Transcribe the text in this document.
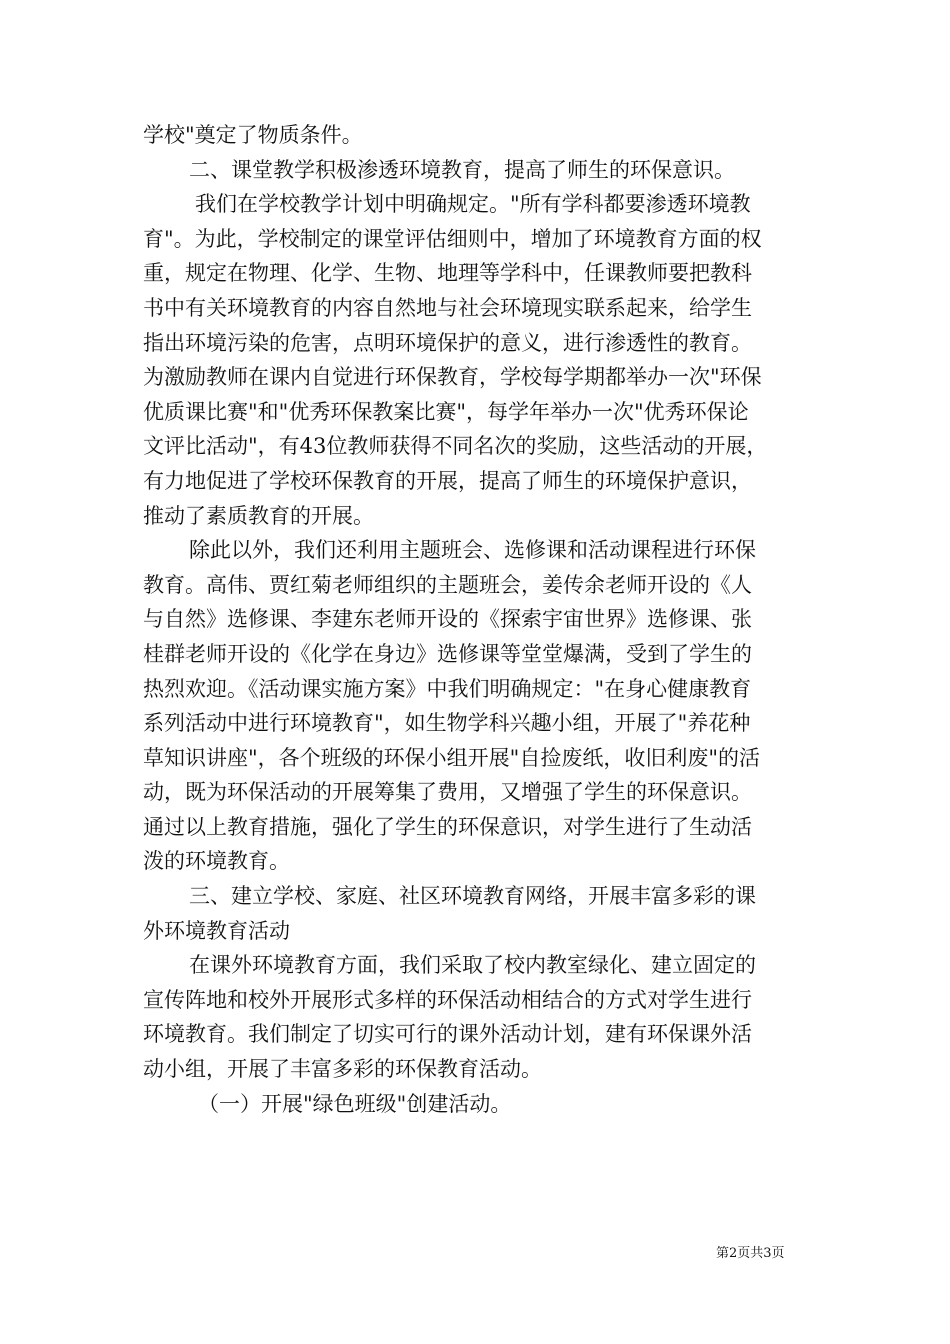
学校"奠定了物质条件。
二、课堂教学积极渗透环境教育，提高了师生的环保意识。
我们在学校教学计划中明确规定。"所有学科都要渗透环境教
育"。为此，学校制定的课堂评估细则中，增加了环境教育方面的权
重，规定在物理、化学、生物、地理等学科中，任课教师要把教科
书中有关环境教育的内容自然地与社会环境现实联系起来，给学生
指出环境污染的危害，点明环境保护的意义，进行渗透性的教育。
为激励教师在课内自觉进行环保教育，学校每学期都举办一次"环保
优质课比赛"和"优秀环保教案比赛"，每学年举办一次"优秀环保论
文评比活动"，有43位教师获得不同名次的奖励，这些活动的开展，
有力地促进了学校环保教育的开展，提高了师生的环境保护意识，
推动了素质教育的开展。
除此以外，我们还利用主题班会、选修课和活动课程进行环保
教育。高伟、贾红菊老师组织的主题班会，姜传余老师开设的《人
与自然》选修课、李建东老师开设的《探索宇宙世界》选修课、张
桂群老师开设的《化学在身边》选修课等堂堂爆满，受到了学生的
热烈欢迎。《活动课实施方案》中我们明确规定："在身心健康教育
系列活动中进行环境教育"，如生物学科兴趣小组，开展了"养花种
草知识讲座"，各个班级的环保小组开展"自捡废纸，收旧利废"的活
动，既为环保活动的开展筹集了费用，又增强了学生的环保意识。
通过以上教育措施，强化了学生的环保意识，对学生进行了生动活
泼的环境教育。
三、建立学校、家庭、社区环境教育网络，开展丰富多彩的课
外环境教育活动
在课外环境教育方面，我们采取了校内教室绿化、建立固定的
宣传阵地和校外开展形式多样的环保活动相结合的方式对学生进行
环境教育。我们制定了切实可行的课外活动计划，建有环保课外活
动小组，开展了丰富多彩的环保教育活动。
（一）开展"绿色班级"创建活动。
第2页共3页
